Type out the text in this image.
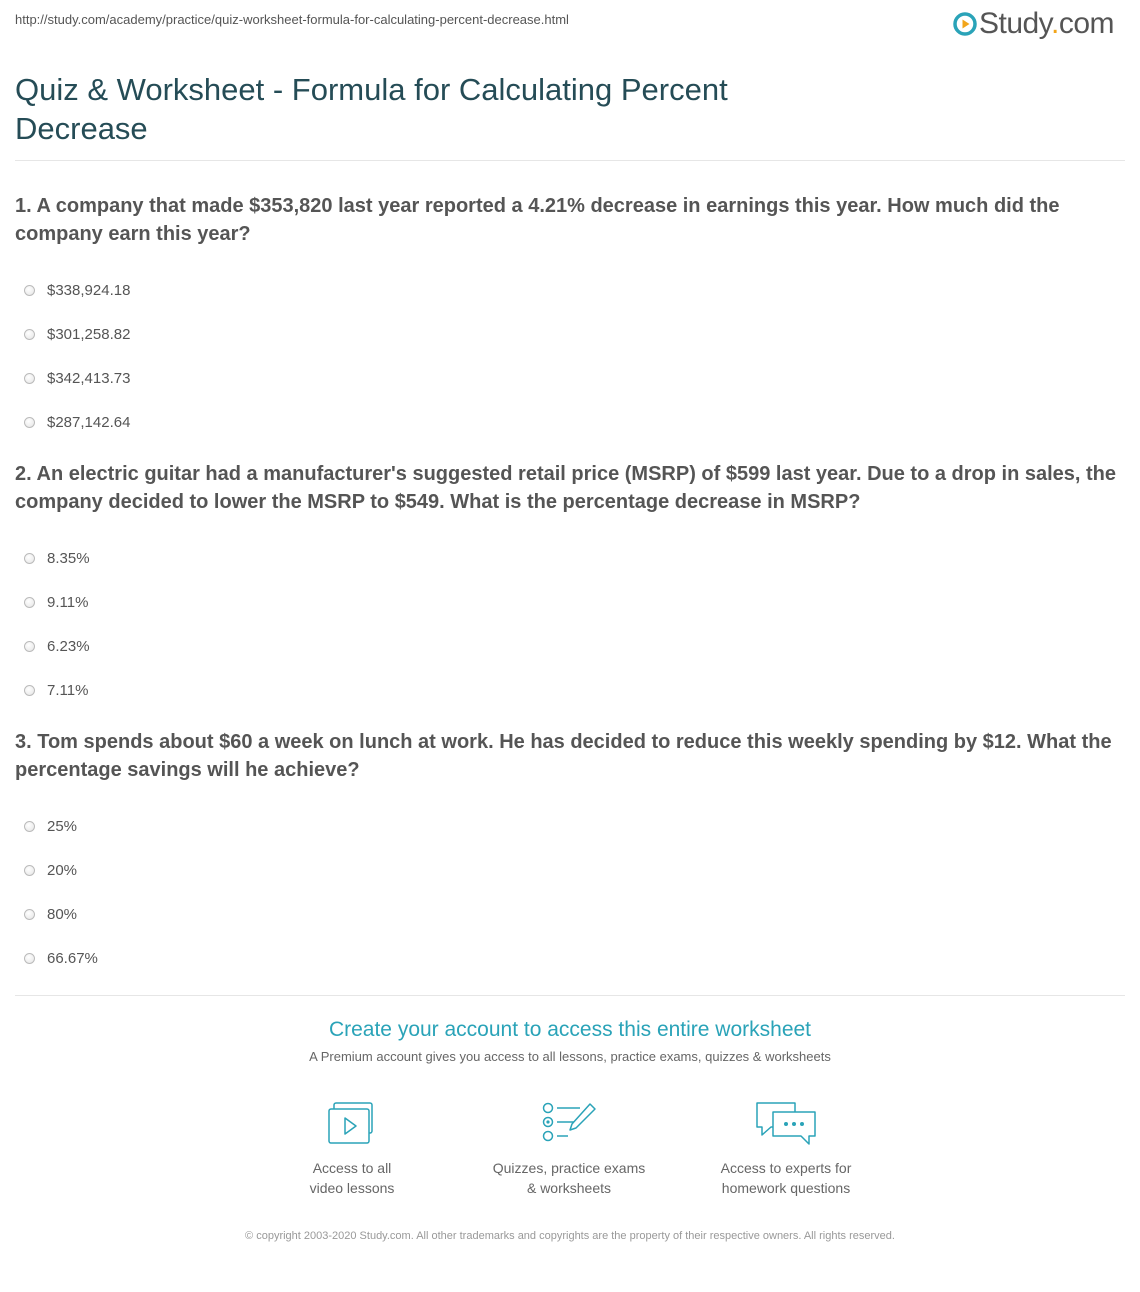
http://study.com/academy/practice/quiz-worksheet-formula-for-calculating-percent-decrease.html	Study.com
Quiz & Worksheet - Formula for Calculating Percent Decrease
1. A company that made $353,820 last year reported a 4.21% decrease in earnings this year. How much did the company earn this year?
$338,924.18
$301,258.82
$342,413.73
$287,142.64
2. An electric guitar had a manufacturer's suggested retail price (MSRP) of $599 last year. Due to a drop in sales, the company decided to lower the MSRP to $549. What is the percentage decrease in MSRP?
8.35%
9.11%
6.23%
7.11%
3. Tom spends about $60 a week on lunch at work. He has decided to reduce this weekly spending by $12. What the percentage savings will he achieve?
25%
20%
80%
66.67%
Create your account to access this entire worksheet
A Premium account gives you access to all lessons, practice exams, quizzes & worksheets
Access to all
video lessons
Quizzes, practice exams
& worksheets
Access to experts for
homework questions
© copyright 2003-2020 Study.com. All other trademarks and copyrights are the property of their respective owners. All rights reserved.
